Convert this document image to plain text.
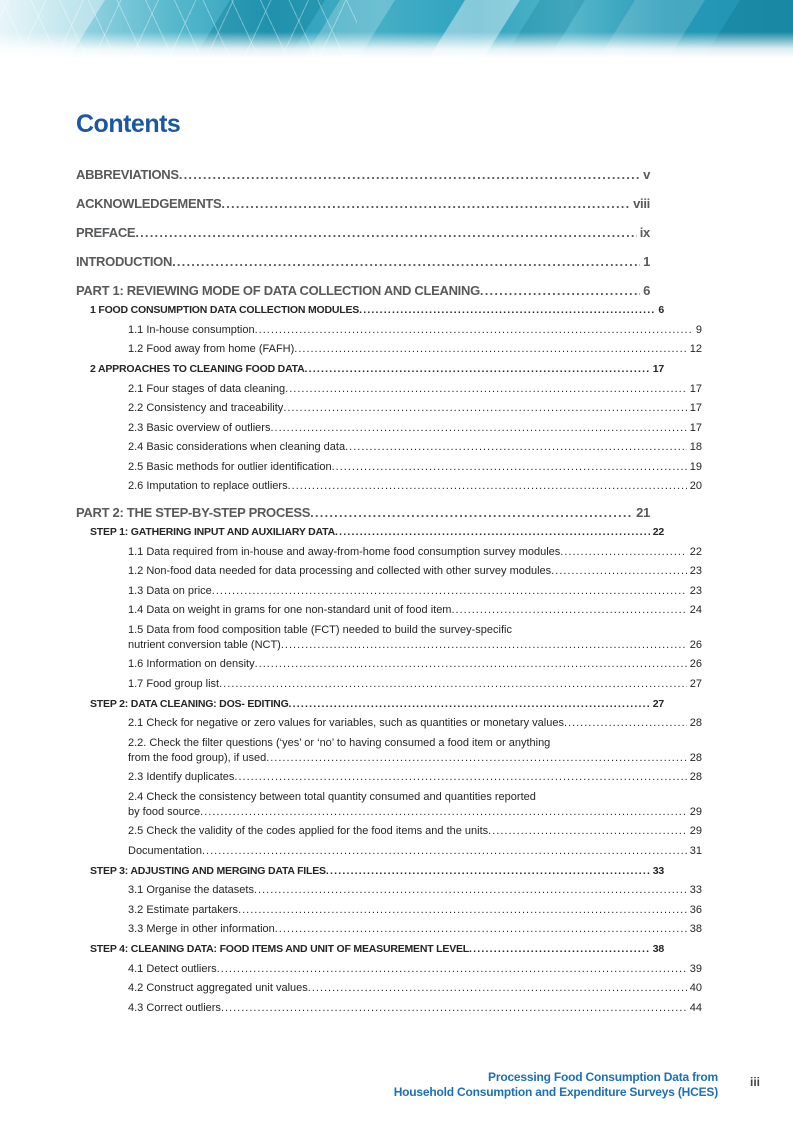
Contents
ABBREVIATIONS .....	v
ACKNOWLEDGEMENTS .....	viii
PREFACE .....	ix
INTRODUCTION .....	1
PART 1: REVIEWING MODE OF DATA COLLECTION AND CLEANING .....	6
1 FOOD CONSUMPTION DATA COLLECTION MODULES .....	6
1.1 In-house consumption .....	9
1.2 Food away from home (FAFH) .....	12
2 APPROACHES TO CLEANING FOOD DATA .....	17
2.1 Four stages of data cleaning .....	17
2.2 Consistency and traceability .....	17
2.3 Basic overview of outliers .....	17
2.4 Basic considerations when cleaning data .....	18
2.5 Basic methods for outlier identification .....	19
2.6 Imputation to replace outliers .....	20
PART 2: THE STEP-BY-STEP PROCESS .....	21
STEP 1: GATHERING INPUT AND AUXILIARY DATA .....	22
1.1 Data required from in-house and away-from-home food consumption survey modules .....	22
1.2 Non-food data needed for data processing and collected with other survey modules .....	23
1.3 Data on price .....	23
1.4 Data on weight in grams for one non-standard unit of food item .....	24
1.5 Data from food composition table (FCT) needed to build the survey-specific
nutrient conversion table (NCT) .....	26
1.6 Information on density .....	26
1.7 Food group list .....	27
STEP 2: DATA CLEANING: DOS- EDITING .....	27
2.1 Check for negative or zero values for variables, such as quantities or monetary values .....	28
2.2. Check the filter questions (‘yes’ or ‘no’ to having consumed a food item or anything
from the food group), if used .....	28
2.3 Identify duplicates .....	28
2.4 Check the consistency between total quantity consumed and quantities reported
by food source .....	29
2.5 Check the validity of the codes applied for the food items and the units .....	29
Documentation .....	31
STEP 3: ADJUSTING AND MERGING DATA FILES .....	33
3.1 Organise the datasets .....	33
3.2 Estimate partakers .....	36
3.3 Merge in other information .....	38
STEP 4: CLEANING DATA: FOOD ITEMS AND UNIT OF MEASUREMENT LEVEL .....	38
4.1 Detect outliers .....	39
4.2 Construct aggregated unit values .....	40
4.3 Correct outliers .....	44
Processing Food Consumption Data from
Household Consumption and Expenditure Surveys (HCES)
iii
